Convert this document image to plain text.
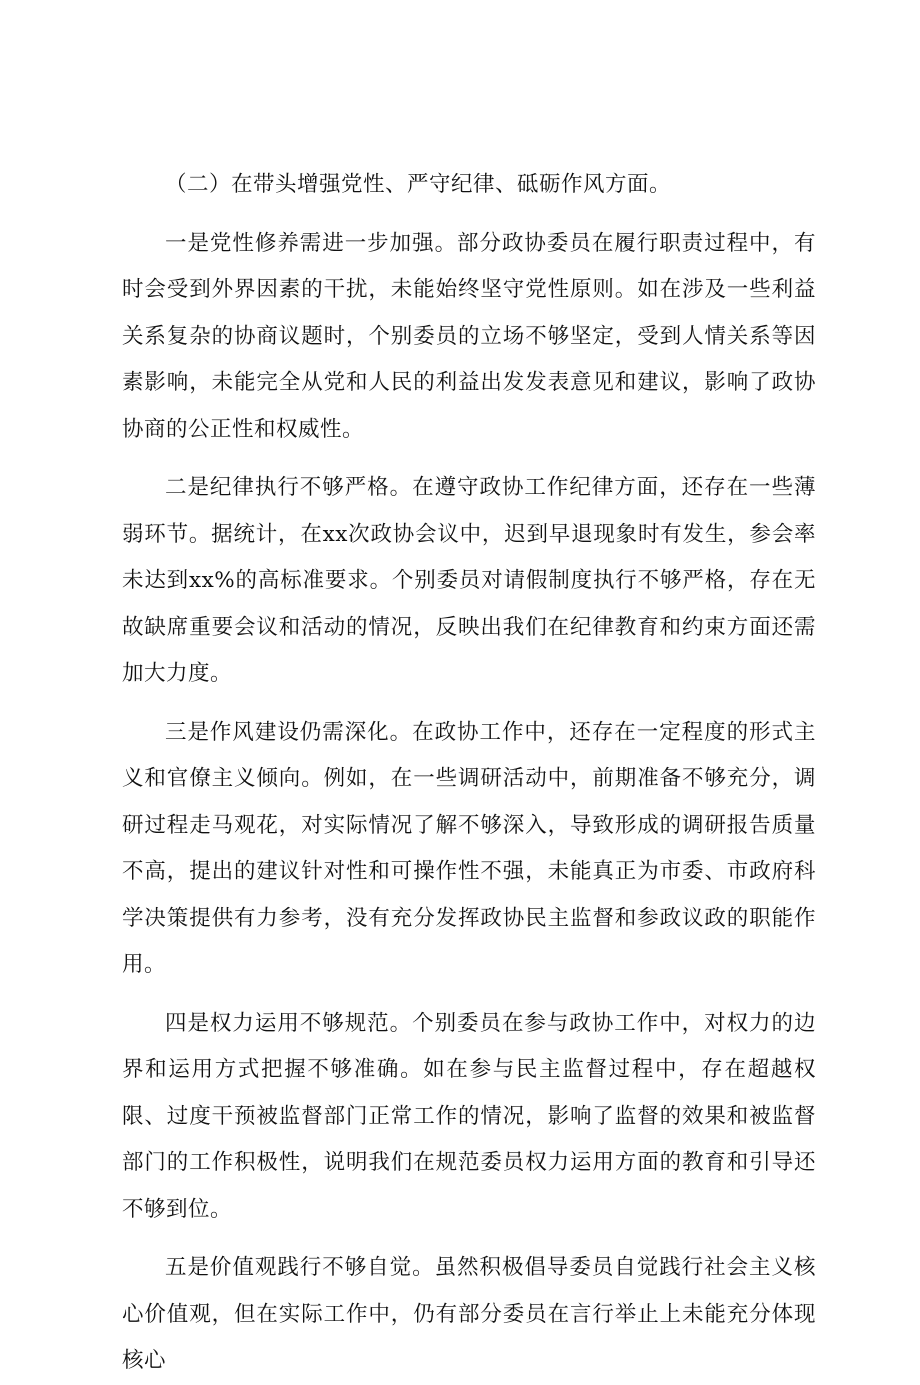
（二）在带头增强党性、严守纪律、砥砺作风方面。

一是党性修养需进一步加强。部分政协委员在履行职责过程中，有时会受到外界因素的干扰，未能始终坚守党性原则。如在涉及一些利益关系复杂的协商议题时，个别委员的立场不够坚定，受到人情关系等因素影响，未能完全从党和人民的利益出发发表意见和建议，影响了政协协商的公正性和权威性。

二是纪律执行不够严格。在遵守政协工作纪律方面，还存在一些薄弱环节。据统计，在xx次政协会议中，迟到早退现象时有发生，参会率未达到xx%的高标准要求。个别委员对请假制度执行不够严格，存在无故缺席重要会议和活动的情况，反映出我们在纪律教育和约束方面还需加大力度。

三是作风建设仍需深化。在政协工作中，还存在一定程度的形式主义和官僚主义倾向。例如，在一些调研活动中，前期准备不够充分，调研过程走马观花，对实际情况了解不够深入，导致形成的调研报告质量不高，提出的建议针对性和可操作性不强，未能真正为市委、市政府科学决策提供有力参考，没有充分发挥政协民主监督和参政议政的职能作用。

四是权力运用不够规范。个别委员在参与政协工作中，对权力的边界和运用方式把握不够准确。如在参与民主监督过程中，存在超越权限、过度干预被监督部门正常工作的情况，影响了监督的效果和被监督部门的工作积极性，说明我们在规范委员权力运用方面的教育和引导还不够到位。

五是价值观践行不够自觉。虽然积极倡导委员自觉践行社会主义核心价值观，但在实际工作中，仍有部分委员在言行举止上未能充分体现核心
